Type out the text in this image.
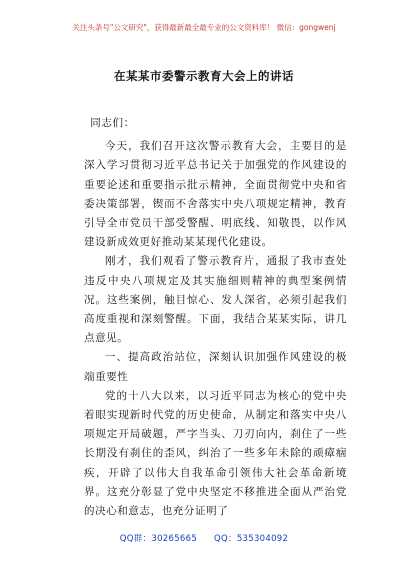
关注头条号"公文研究"，获得最新最全最专业的公文资料库！ 微信：gongwenj
在某某市委警示教育大会上的讲话

同志们：

今天，我们召开这次警示教育大会，主要目的是深入学习贯彻习近平总书记关于加强党的作风建设的重要论述和重要指示批示精神，全面贯彻党中央和省委决策部署，锲而不舍落实中央八项规定精神，教育引导全市党员干部受警醒、明底线、知敬畏，以作风建设新成效更好推动某某现代化建设。

刚才，我们观看了警示教育片，通报了我市查处违反中央八项规定及其实施细则精神的典型案例情况。这些案例，触目惊心、发人深省，必须引起我们高度重视和深刻警醒。下面，我结合某某实际，讲几点意见。

一、提高政治站位，深刻认识加强作风建设的极端重要性

党的十八大以来，以习近平同志为核心的党中央着眼实现新时代党的历史使命，从制定和落实中央八项规定开局破题，严字当头、刀刃向内，刹住了一些长期没有刹住的歪风，纠治了一些多年未除的顽瘴痼疾，开辟了以伟大自我革命引领伟大社会革命新境界。这充分彰显了党中央坚定不移推进全面从严治党的决心和意志，也充分证明了

QQ群：30265665 QQ：535304092
